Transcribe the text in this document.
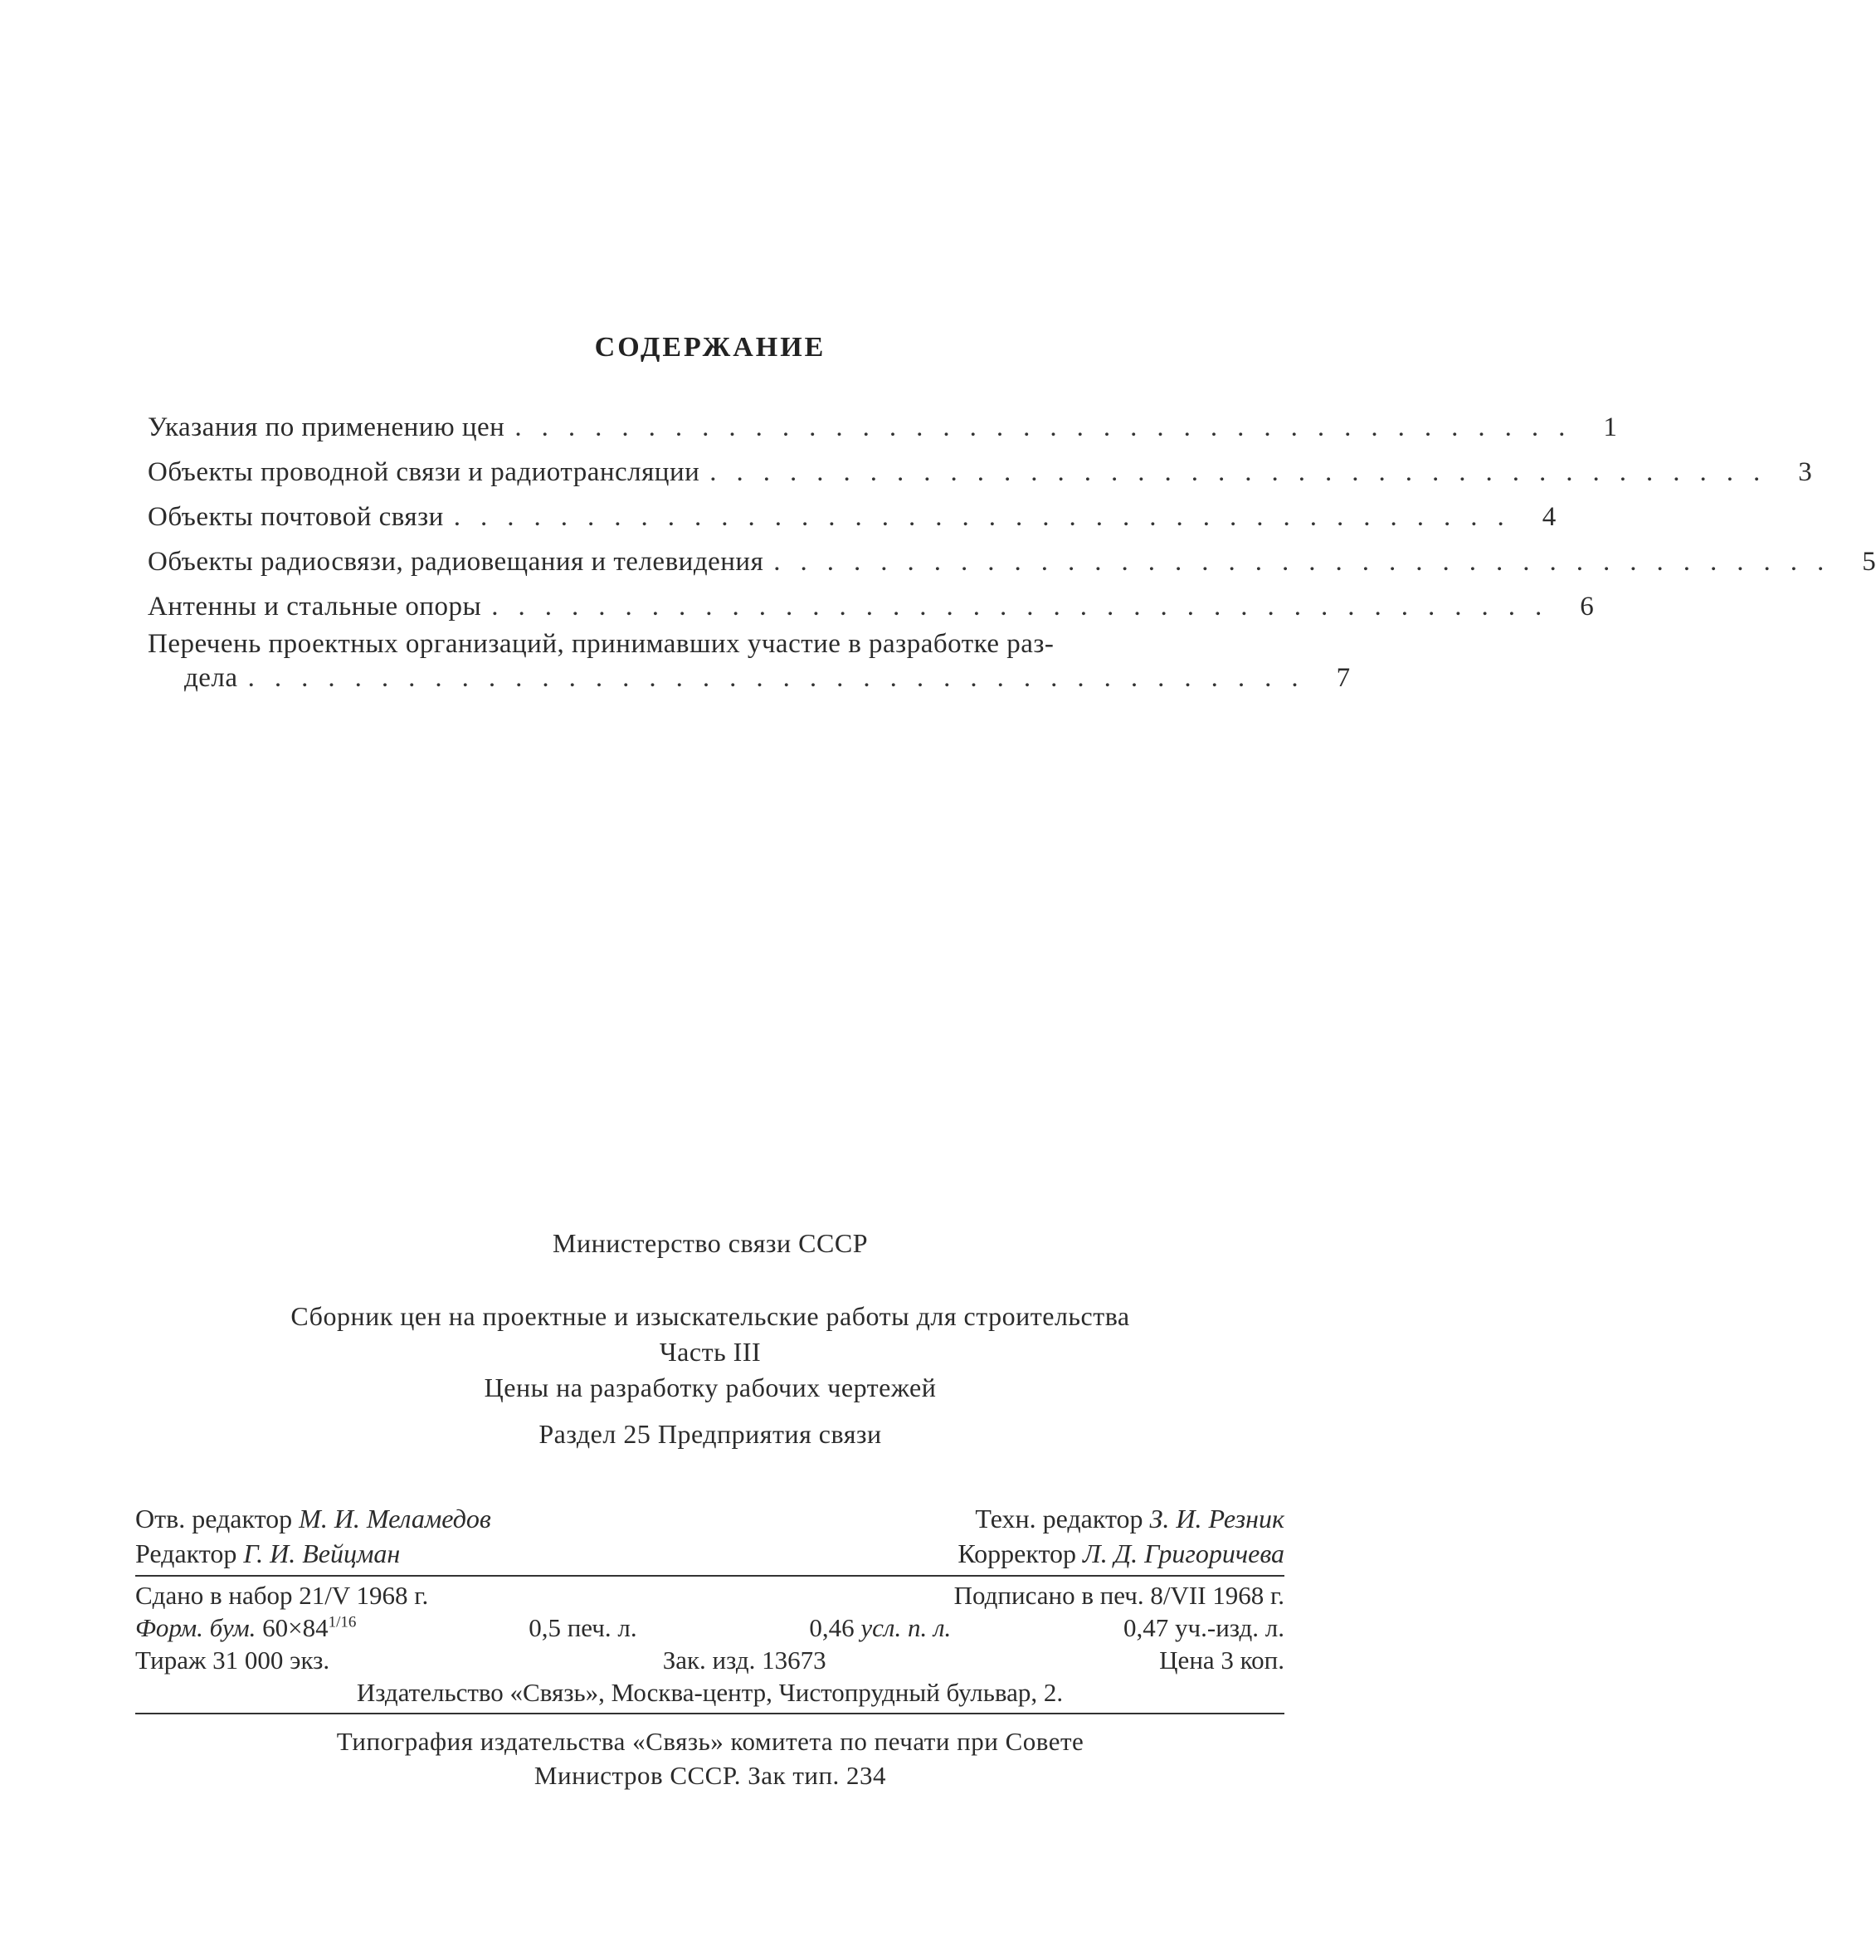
СОДЕРЖАНИЕ
Указания по применению цен ........................................ 1
Объекты проводной связи и радиотрансляции ........................................ 3
Объекты почтовой связи ........................................ 4
Объекты радиосвязи, радиовещания и телевидения ........................................ 5
Антенны и стальные опоры ........................................ 6
Перечень проектных организаций, принимавших участие в разработке раз-
дела ........................................ 7
Министерство связи СССР
Сборник цен на проектные и изыскательские работы для строительства
Часть III
Цены на разработку рабочих чертежей
Раздел 25 Предприятия связи
Отв. редактор М. И. Меламедов	Техн. редактор З. И. Резник
Редактор Г. И. Вейцман	Корректор Л. Д. Григоричева
Сдано в набор 21/V 1968 г.	Подписано в печ. 8/VII 1968 г.
Форм. бум. $60\times 84^{1/16}$	0,5 печ. л.	0,46 усл. п. л.	0,47 уч.-изд. л.
Тираж 31 000 экз.	Зак. изд. 13673	Цена 3 коп.
Издательство «Связь», Москва-центр, Чистопрудный бульвар, 2.
Типография издательства «Связь» комитета по печати при Совете
Министров СССР. Зак тип. 234
